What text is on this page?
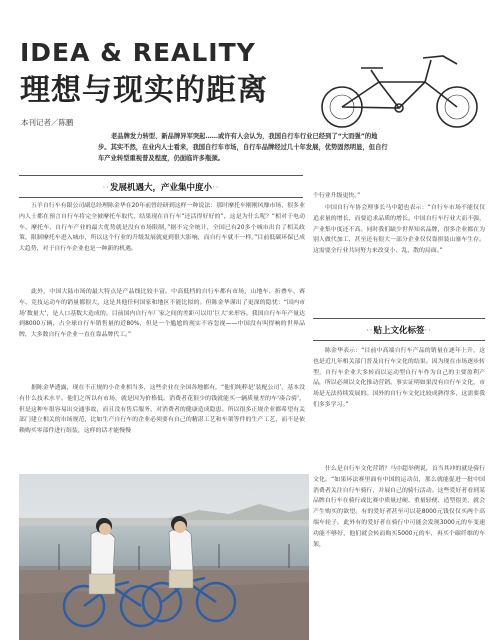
IDEA & REALITY
理想与现实的距离
本刊记者／陈鹏
老品牌发力转型、新品牌异军突起……或许有人会认为，我国自行车行业已经到了“大而强”的地步。其实不然，在业内人士看来，我国自行车市场，自行车品牌经过几十年发展，优势固然明显，但自行车产业转型重视普及程度，仍面临许多瓶颈。
··发展机遇大，产业集中度小··

五羊自行车有限公司副总经理陈金华在20年前曾经研到这样一种说法：那时摩托车刚刚风靡市场，很多业内人士都在预言自行车将完全被摩托车取代，结果现在自行车“还活得好好的”，这是为什么呢？“相对于电动车、摩托车，自行车产业的最大优势就是没有市场限制，”据不完全统计，全国已有20多个城市出台了相关政策，限制摩托车进入城市，所以这个行业的升级发展就更到很大影响，而自行车就不一样。”目前低碳环保已成大趋势，对于自行车企业也是一种新的机遇。

此外，中国大陆市场的最大特点是产品线比较丰富。中高低档的自行车都有市场，山地车、折叠车、赛车、竞技运动车的销量都很大，这是其他任何国家和地区不能比拟的。但陈金华谨出了更深的隐忧：“国内市场‘数量大’，是人口基数大造成的。目前国内自行车厂家之间的差距可以用‘巨大’来形容。我国自行车年产量达到8000万辆，占全球自行车销售量的近80%，但是一个尴尬的现实不容忽视——中国没有叫得响的世界品牌，大多数自行车企业一直在靠品牌代工。”

据陈金华透露，现在不正规的小企业相当多，这些企业在全国各地都有，“他们纯粹是‘装配公司’，基本没有什么技术水平。他们之所以有市场，就是因为价格低。消费者花很少的钱就能买一辆质量差的车‘凑合骑’，但是这种车很容易出交通事故，而且没有售后服务，对消费者的健康造成隐患。所以很多正规企业都希望有关部门建立相关的市场规范，比如生产自行车的企业必须要有自己的精湛工艺和车架等件的生产工艺，而不是依赖购买零部件进行组装，这样的话才能慢慢

个行业升级更快。”

中国自行车协会理事长马中超也表示：“自行车市场不能仅仅追求量的增长，而要追求品质的增长。中国自行车行业大而不强，产业集中度还不高。同时我们缺少世界知名品牌，很多企业都在为别人做代加工，甚至还有很大一部分企业仅仅靠拼装山寨车生存。这需要全行业共同努力来改变小、乱、散的局面。”

··贴上文化标签··

陈金华表示：“目前中高端自行车产品的销量在逐年上升，这也是近几年相关部门普及自行车文化的结果。因为现在市场逐步转型，自行车企业大多转而以运动型自行车作为自己的主要盈利产品，所以必须以文化推动营销。事实证明如果没有自行车文化，市场是无法持续发展的。国外的自行车文化比较成熟得多，这需要我们多多学习。”

什么是自行车文化营销？马中超举例说，首当其冲的就是骑行文化。“如果环法赛里面有中国的运动员，那么就能促进一批中国消费者关注自行车骑行，并展自己的骑行活动。这些爱好者看到某品牌自行车在骑行或比赛中质量过硬、重量轻便、造型很美，就会产生购买的欲望。有的爱好者甚至可以花8000元钱仅仅买两个高端车轮子。此外有的爱好者在骑行中可能会发现3000元的车变速功能不够好，他们就会转而购买5000元的车，再买个碳纤维的车架，
